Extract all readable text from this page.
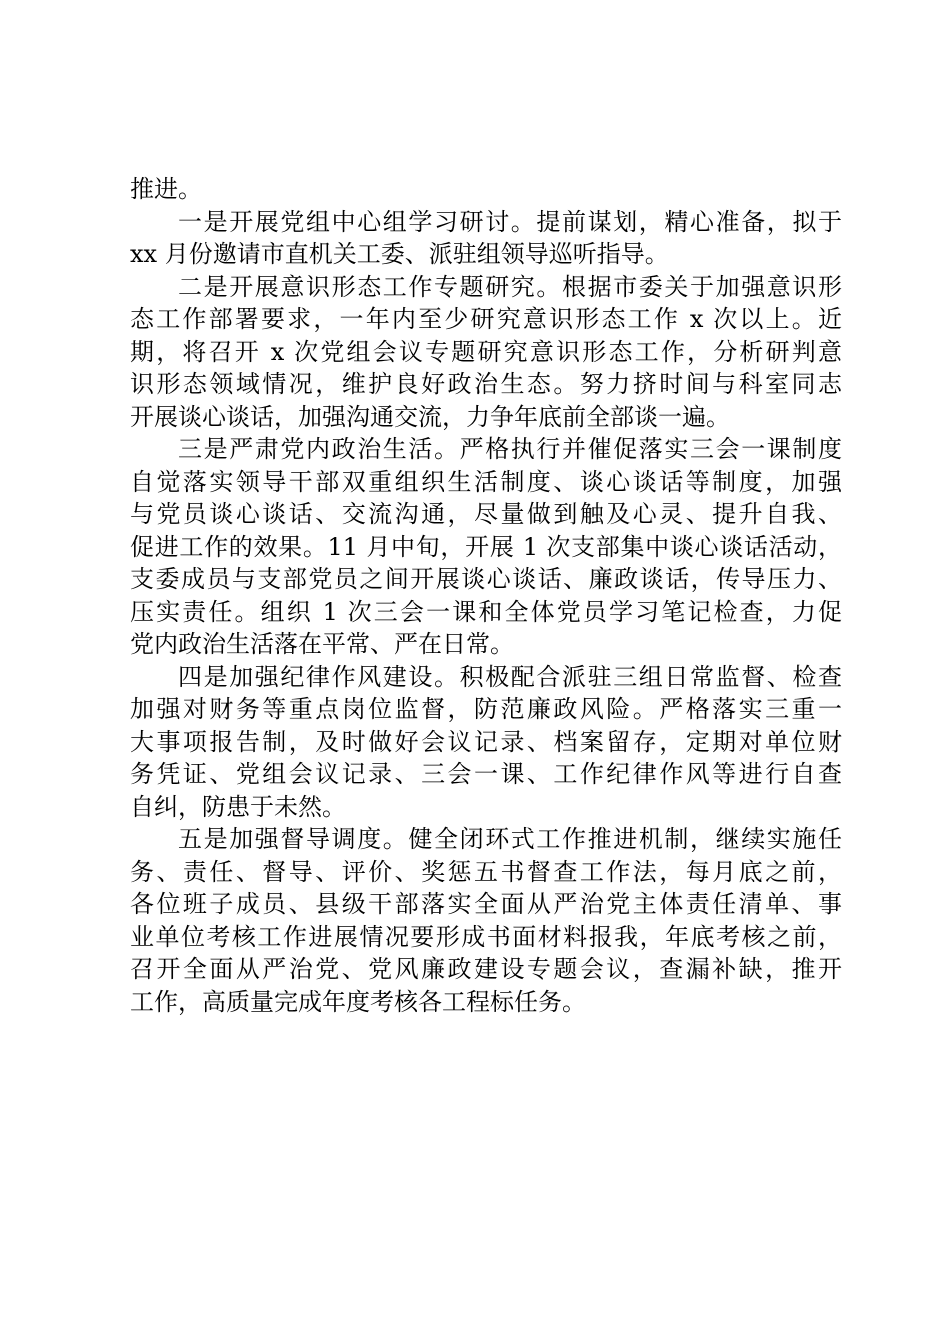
推进。
一是开展党组中心组学习研讨。提前谋划，精心准备，拟于
xx 月份邀请市直机关工委、派驻组领导巡听指导。
二是开展意识形态工作专题研究。根据市委关于加强意识形
态工作部署要求，一年内至少研究意识形态工作 x 次以上。近
期，将召开 x 次党组会议专题研究意识形态工作，分析研判意
识形态领域情况，维护良好政治生态。努力挤时间与科室同志
开展谈心谈话，加强沟通交流，力争年底前全部谈一遍。
三是严肃党内政治生活。严格执行并催促落实三会一课制度
自觉落实领导干部双重组织生活制度、谈心谈话等制度，加强
与党员谈心谈话、交流沟通，尽量做到触及心灵、提升自我、
促进工作的效果。11 月中旬，开展 1 次支部集中谈心谈话活动，
支委成员与支部党员之间开展谈心谈话、廉政谈话，传导压力、
压实责任。组织 1 次三会一课和全体党员学习笔记检查，力促
党内政治生活落在平常、严在日常。
四是加强纪律作风建设。积极配合派驻三组日常监督、检查
加强对财务等重点岗位监督，防范廉政风险。严格落实三重一
大事项报告制，及时做好会议记录、档案留存，定期对单位财
务凭证、党组会议记录、三会一课、工作纪律作风等进行自查
自纠，防患于未然。
五是加强督导调度。健全闭环式工作推进机制，继续实施任
务、责任、督导、评价、奖惩五书督查工作法，每月底之前，
各位班子成员、县级干部落实全面从严治党主体责任清单、事
业单位考核工作进展情况要形成书面材料报我，年底考核之前，
召开全面从严治党、党风廉政建设专题会议，查漏补缺，推开
工作，高质量完成年度考核各工程标任务。
